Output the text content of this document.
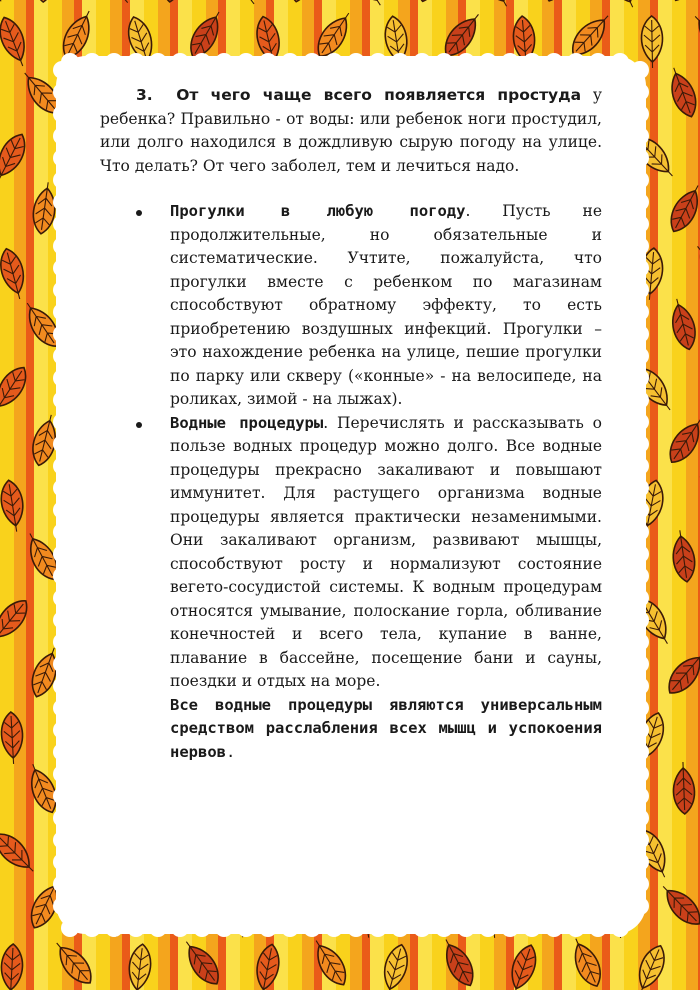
3. От чего чаще всего появляется простуда у ребенка? Правильно - от воды: или ребенок ноги простудил, или долго находился в дождливую сырую погоду на улице. Что делать? От чего заболел, тем и лечиться надо.

Прогулки в любую погоду. Пусть не продолжительные, но обязательные и систематические. Учтите, пожалуйста, что прогулки вместе с ребенком по магазинам способствуют обратному эффекту, то есть приобретению воздушных инфекций. Прогулки – это нахождение ребенка на улице, пешие прогулки по парку или скверу («конные» - на велосипеде, на роликах, зимой - на лыжах).
Водные процедуры. Перечислять и рассказывать о пользе водных процедур можно долго. Все водные процедуры прекрасно закаливают и повышают иммунитет. Для растущего организма водные процедуры является практически незаменимыми. Они закаливают организм, развивают мышцы, способствуют росту и нормализуют состояние вегето-сосудистой системы. К водным процедурам относятся умывание, полоскание горла, обливание конечностей и всего тела, купание в ванне, плавание в бассейне, посещение бани и сауны, поездки и отдых на море.
Все водные процедуры являются универсальным средством расслабления всех мышц и успокоения нервов.
